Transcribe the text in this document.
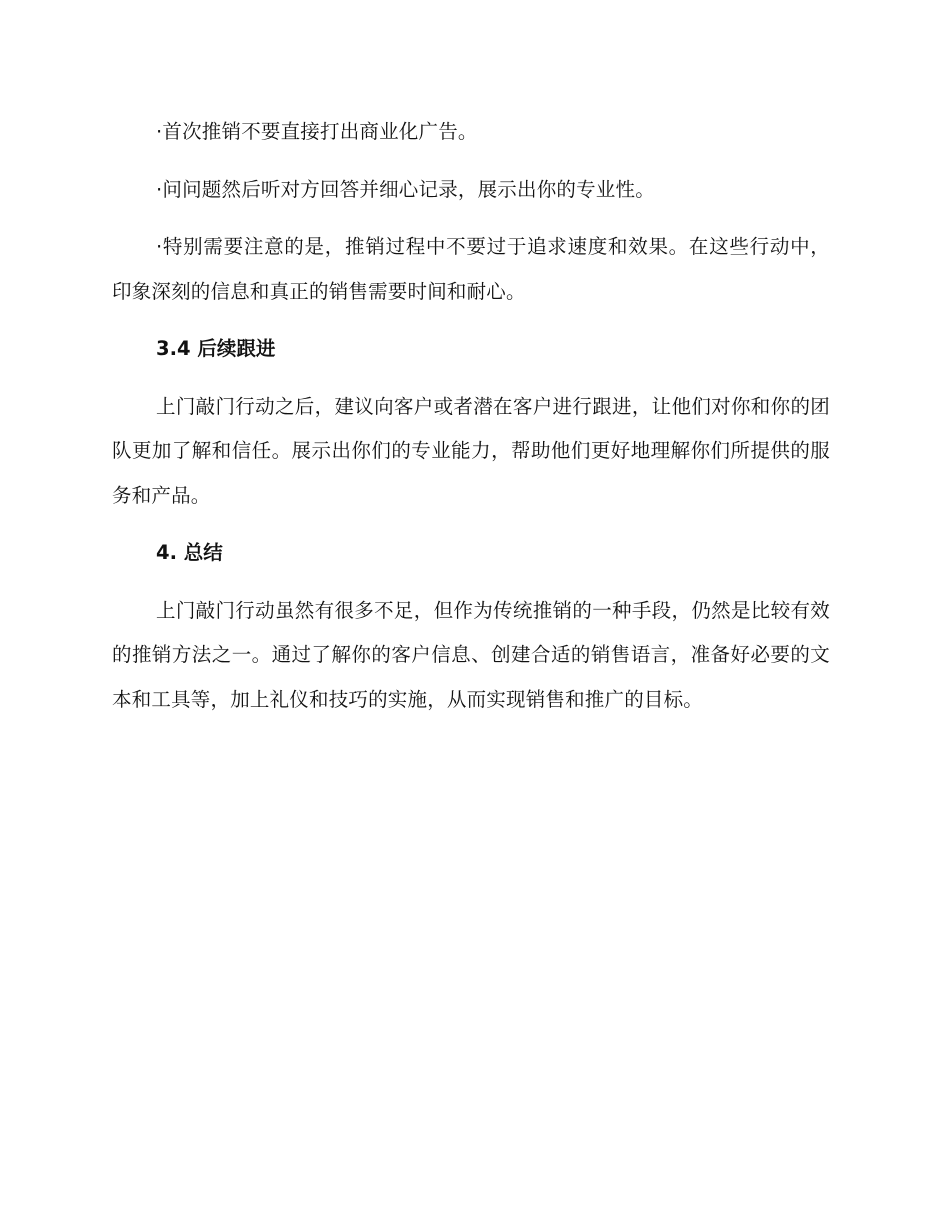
·首次推销不要直接打出商业化广告。

·问问题然后听对方回答并细心记录，展示出你的专业性。

·特别需要注意的是，推销过程中不要过于追求速度和效果。在这些行动中，印象深刻的信息和真正的销售需要时间和耐心。

3.4 后续跟进

上门敲门行动之后，建议向客户或者潜在客户进行跟进，让他们对你和你的团队更加了解和信任。展示出你们的专业能力，帮助他们更好地理解你们所提供的服务和产品。

4. 总结

上门敲门行动虽然有很多不足，但作为传统推销的一种手段，仍然是比较有效的推销方法之一。通过了解你的客户信息、创建合适的销售语言，准备好必要的文本和工具等，加上礼仪和技巧的实施，从而实现销售和推广的目标。
